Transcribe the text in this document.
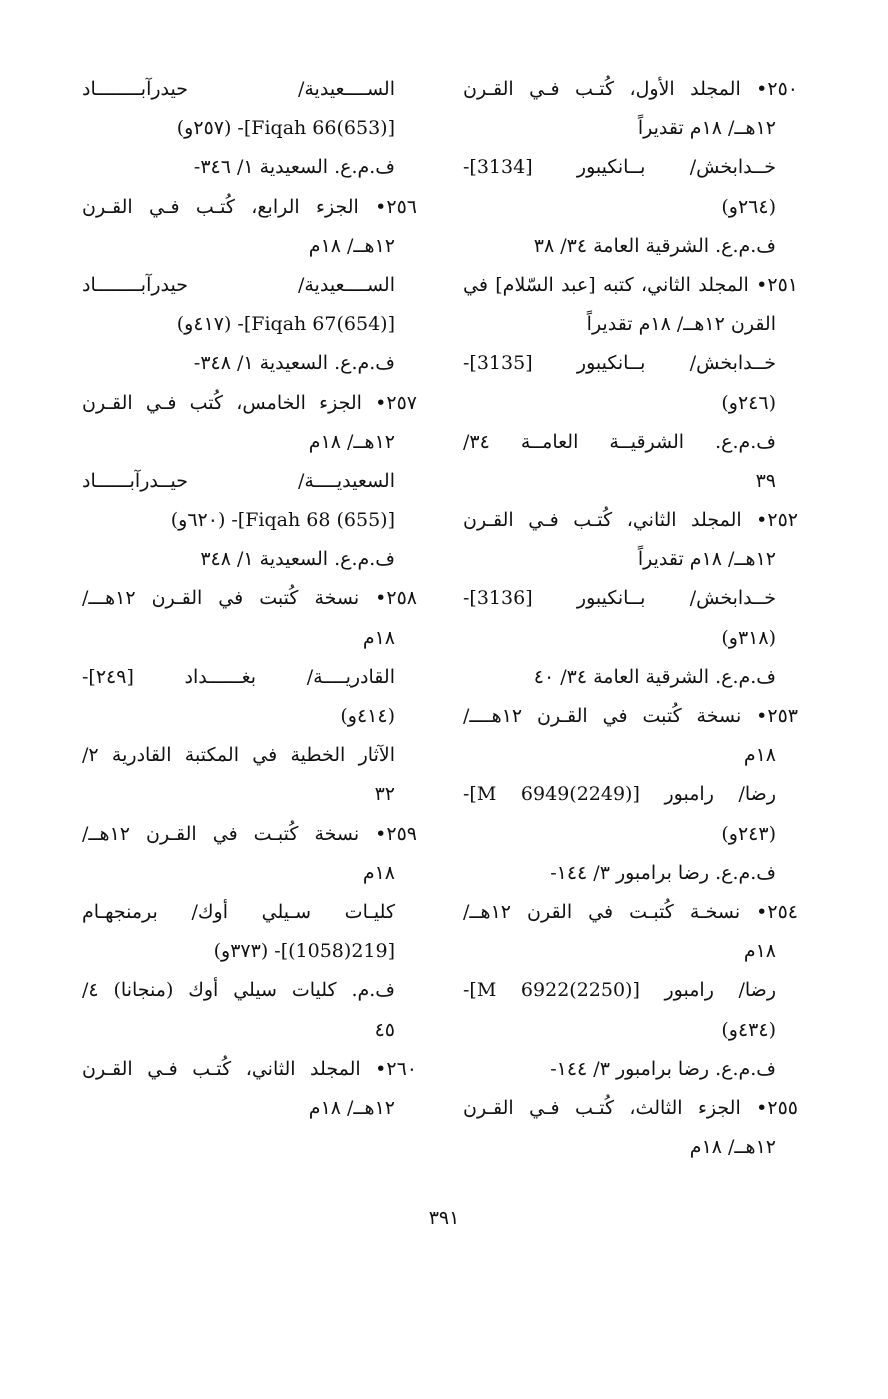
٢٥٠• المجلد الأول، كُتـب فـي القـرن
١٢هــ/ ١٨م تقديراً
خــدابخش/ بــانكيبور [3134]-
(٢٦٤و)
ف.م.ع. الشرقية العامة ٣٤/ ٣٨
٢٥١• المجلد الثاني، كتبه [عبد السّلام] في
القرن ١٢هــ/ ١٨م تقديراً
خــدابخش/ بــانكيبور [3135]-
(٢٤٦و)
ف.م.ع. الشرقيــة العامــة ٣٤/
٣٩
٢٥٢• المجلد الثاني، كُتـب فـي القـرن
١٢هــ/ ١٨م تقديراً
خــدابخش/ بــانكيبور [3136]-
(٣١٨و)
ف.م.ع. الشرقية العامة ٣٤/ ٤٠
٢٥٣• نسخة كُتبت في القـرن ١٢هــــ/
١٨م
رضا/ رامبور [M 6949(2249)]-
(٢٤٣و)
ف.م.ع. رضا برامبور ٣/ ١٤٤-
٢٥٤• نسخـة كُتبـت في القرن ١٢هــ/
١٨م
رضا/ رامبور [M 6922(2250)]-
(٤٣٤و)
ف.م.ع. رضا برامبور ٣/ ١٤٤-
٢٥٥• الجزء الثالث، كُتـب فـي القـرن
١٢هــ/ ١٨م
الســــعيدية/ حيدرآبــــــــاد
[Fiqah 66(653)]- (٢٥٧و)
ف.م.ع. السعيدية ١/ ٣٤٦-
٢٥٦• الجزء الرابع، كُتـب فـي القـرن
١٢هــ/ ١٨م
الســــعيدية/ حيدرآبــــــــاد
[Fiqah 67(654)]- (٤١٧و)
ف.م.ع. السعيدية ١/ ٣٤٨-
٢٥٧• الجزء الخامس، كُتب فـي القـرن
١٢هــ/ ١٨م
السعيديــــة/ حيــدرآبــــــاد
[Fiqah 68 (655)]- (٦٢٠و)
ف.م.ع. السعيدية ١/ ٣٤٨
٢٥٨• نسخة كُتبت في القـرن ١٢هـــ/
١٨م
القادريــــة/ بغــــــداد [٢٤٩]-
(٤١٤و)
الآثار الخطية في المكتبة القادرية ٢/
٣٢
٢٥٩• نسخة كُتبـت في القـرن ١٢هــ/
١٨م
كليـات سـيلي أوك/ برمنجهـام
[219(1058)]- (٣٧٣و)
ف.م. كليات سيلي أوك (منجانا) ٤/
٤٥
٢٦٠• المجلد الثاني، كُتـب فـي القـرن
١٢هــ/ ١٨م
٣٩١
